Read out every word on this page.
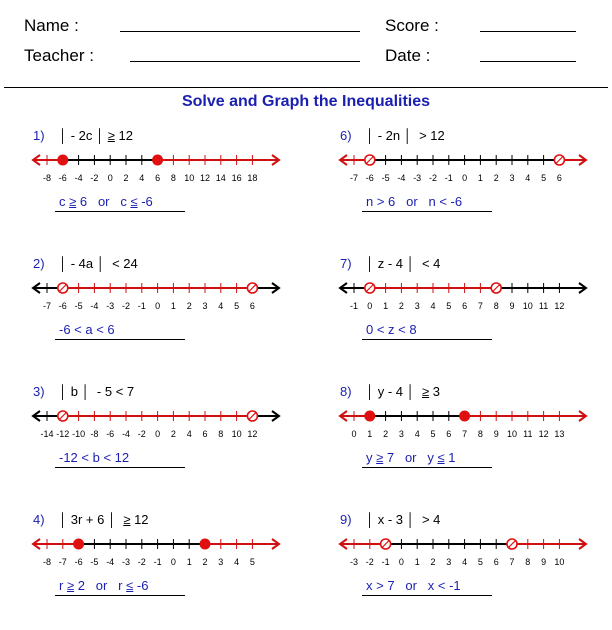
Name :
Teacher :
Score :
Date :
Solve and Graph the Inequalities
1) │ - 2c │ ≥ 12
-8 -6 -4 -2 0 2 4 6 8 10 12 14 16 18
c ≥ 6   or   c ≤ -6
6) │ - 2n │  > 12
-7 -6 -5 -4 -3 -2 -1 0 1 2 3 4 5 6
n > 6   or   n < -6
2) │ - 4a │  < 24
-7 -6 -5 -4 -3 -2 -1 0 1 2 3 4 5 6
-6 < a < 6
7) │ z - 4 │  < 4
-1 0 1 2 3 4 5 6 7 8 9 10 11 12
0 < z < 8
3) │ b │  - 5 < 7
-14 -12 -10 -8 -6 -4 -2 0 2 4 6 8 10 12
-12 < b < 12
8) │ y - 4 │  ≥ 3
0 1 2 3 4 5 6 7 8 9 10 11 12 13
y ≥ 7   or   y ≤ 1
4) │ 3r + 6 │  ≥ 12
-8 -7 -6 -5 -4 -3 -2 -1 0 1 2 3 4 5
r ≥ 2   or   r ≤ -6
9) │ x - 3 │  > 4
-3 -2 -1 0 1 2 3 4 5 6 7 8 9 10
x > 7   or   x < -1
